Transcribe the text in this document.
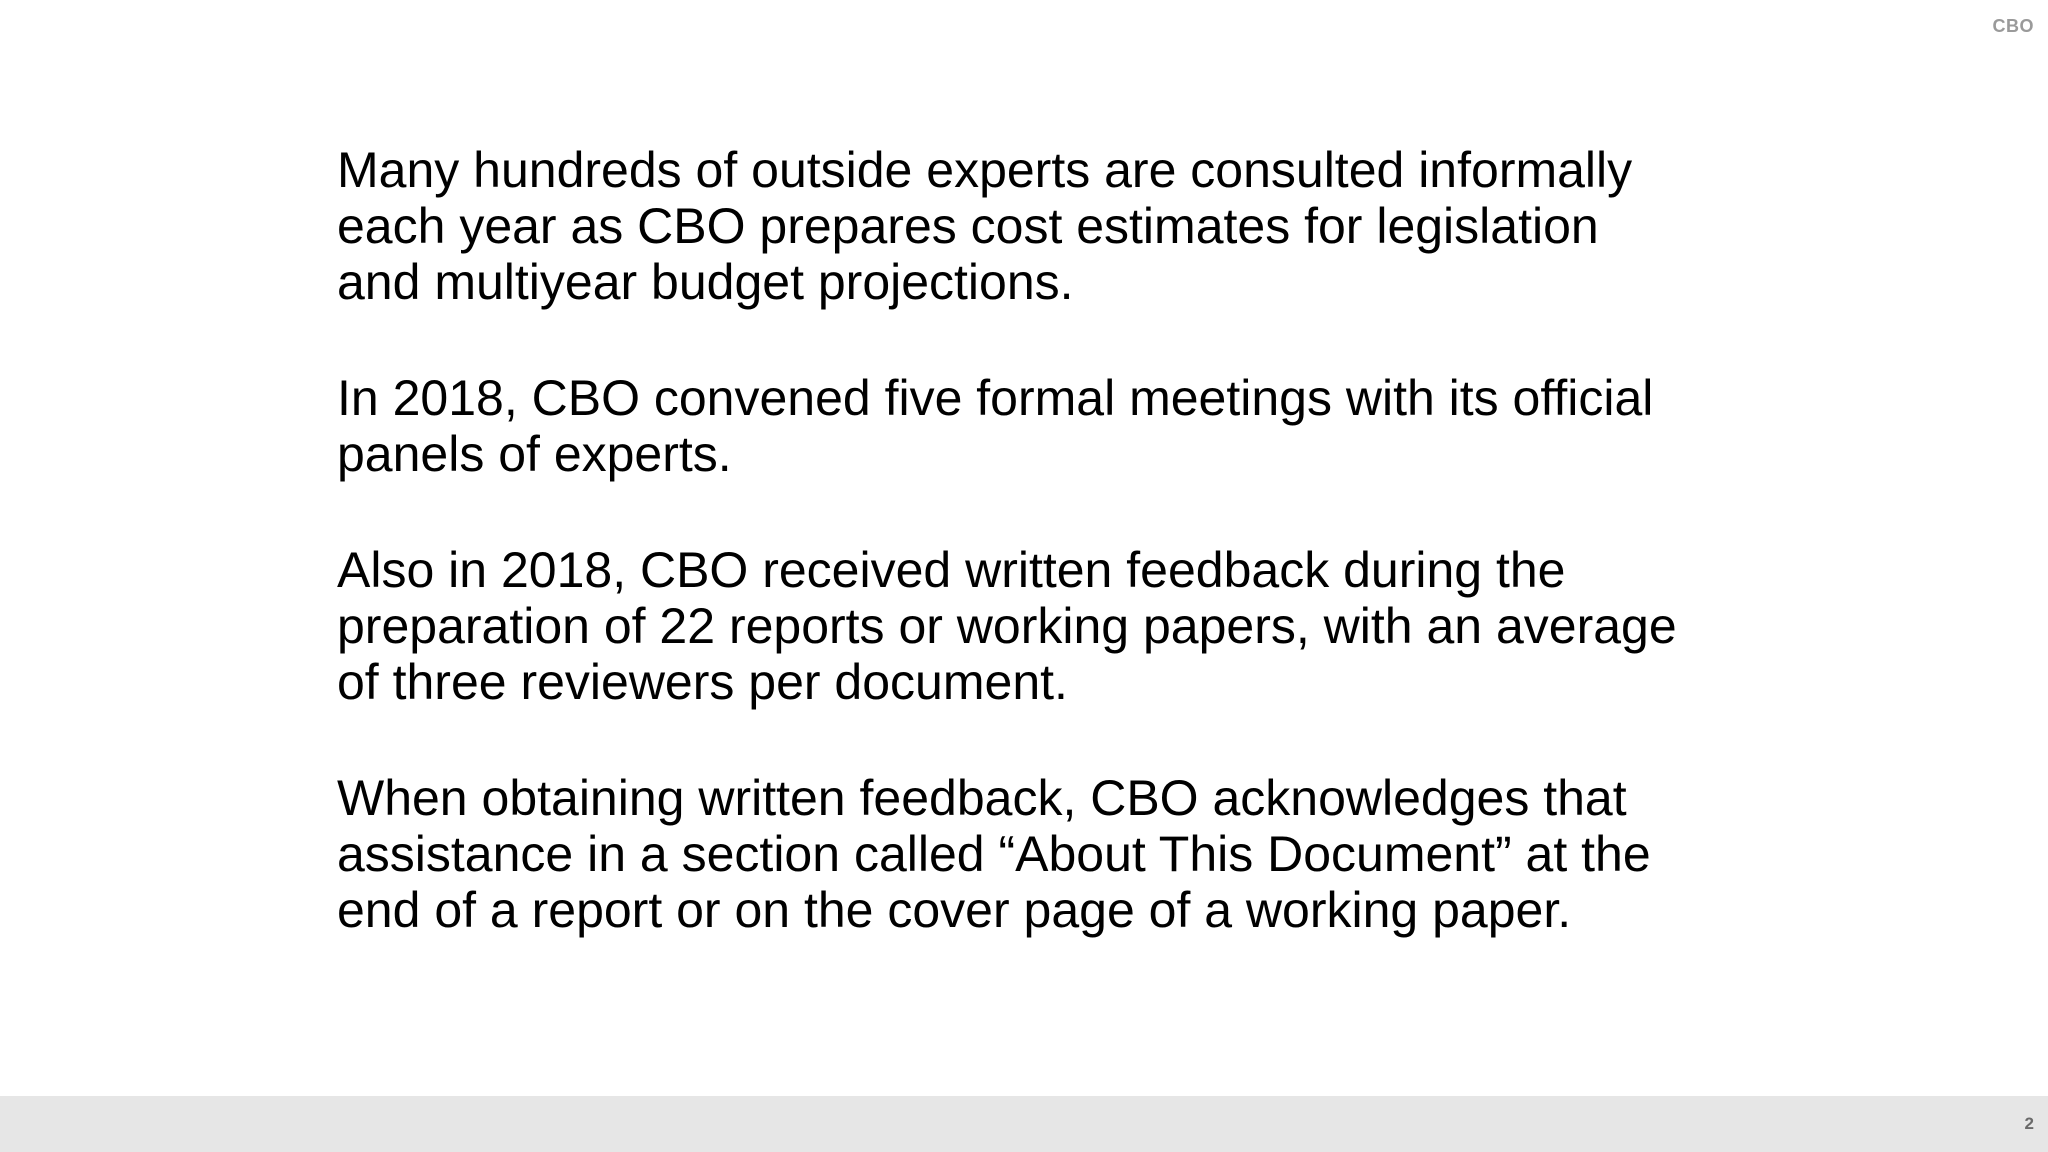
CBO

Many hundreds of outside experts are consulted informally
each year as CBO prepares cost estimates for legislation
and multiyear budget projections.

In 2018, CBO convened five formal meetings with its official
panels of experts.

Also in 2018, CBO received written feedback during the
preparation of 22 reports or working papers, with an average
of three reviewers per document.

When obtaining written feedback, CBO acknowledges that
assistance in a section called “About This Document” at the
end of a report or on the cover page of a working paper.

2
